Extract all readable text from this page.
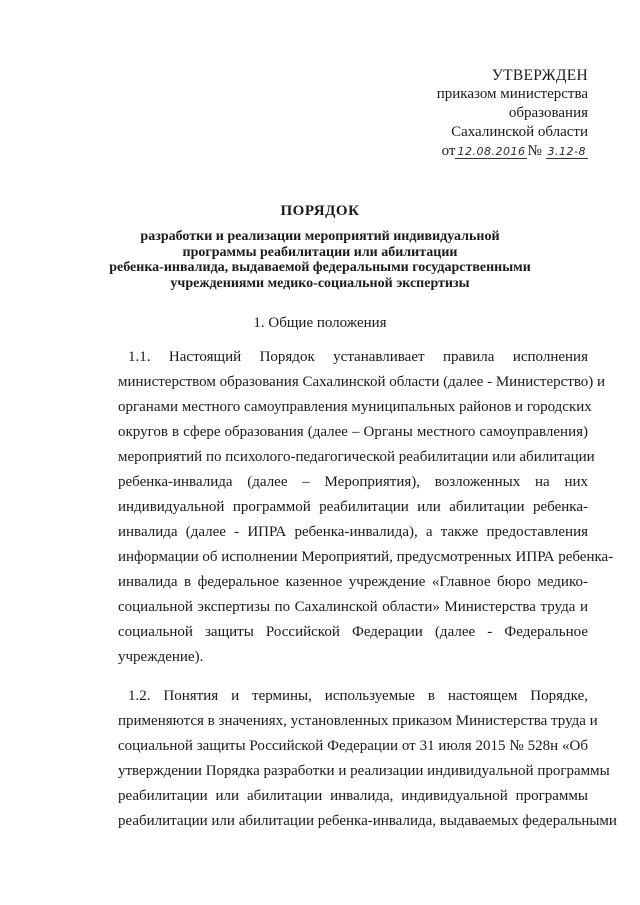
УТВЕРЖДЕН
приказом министерства
образования
Сахалинской области
от 12.08.2016 № 3.12-8
ПОРЯДОК
разработки и реализации мероприятий индивидуальной
программы реабилитации или абилитации
ребенка-инвалида, выдаваемой федеральными государственными
учреждениями медико-социальной экспертизы
1. Общие положения
1.1. Настоящий Порядок устанавливает правила исполнения
министерством образования Сахалинской области (далее - Министерство) и
органами местного самоуправления муниципальных районов и городских
округов в сфере образования (далее – Органы местного самоуправления)
мероприятий по психолого-педагогической реабилитации или абилитации
ребенка-инвалида (далее – Мероприятия), возложенных на них
индивидуальной программой реабилитации или абилитации ребенка-
инвалида (далее - ИПРА ребенка-инвалида), а также предоставления
информации об исполнении Мероприятий, предусмотренных ИПРА ребенка-
инвалида в федеральное казенное учреждение «Главное бюро медико-
социальной экспертизы по Сахалинской области» Министерства труда и
социальной защиты Российской Федерации (далее - Федеральное
учреждение).
1.2. Понятия и термины, используемые в настоящем Порядке,
применяются в значениях, установленных приказом Министерства труда и
социальной защиты Российской Федерации от 31 июля 2015 № 528н «Об
утверждении Порядка разработки и реализации индивидуальной программы
реабилитации или абилитации инвалида, индивидуальной программы
реабилитации или абилитации ребенка-инвалида, выдаваемых федеральными
